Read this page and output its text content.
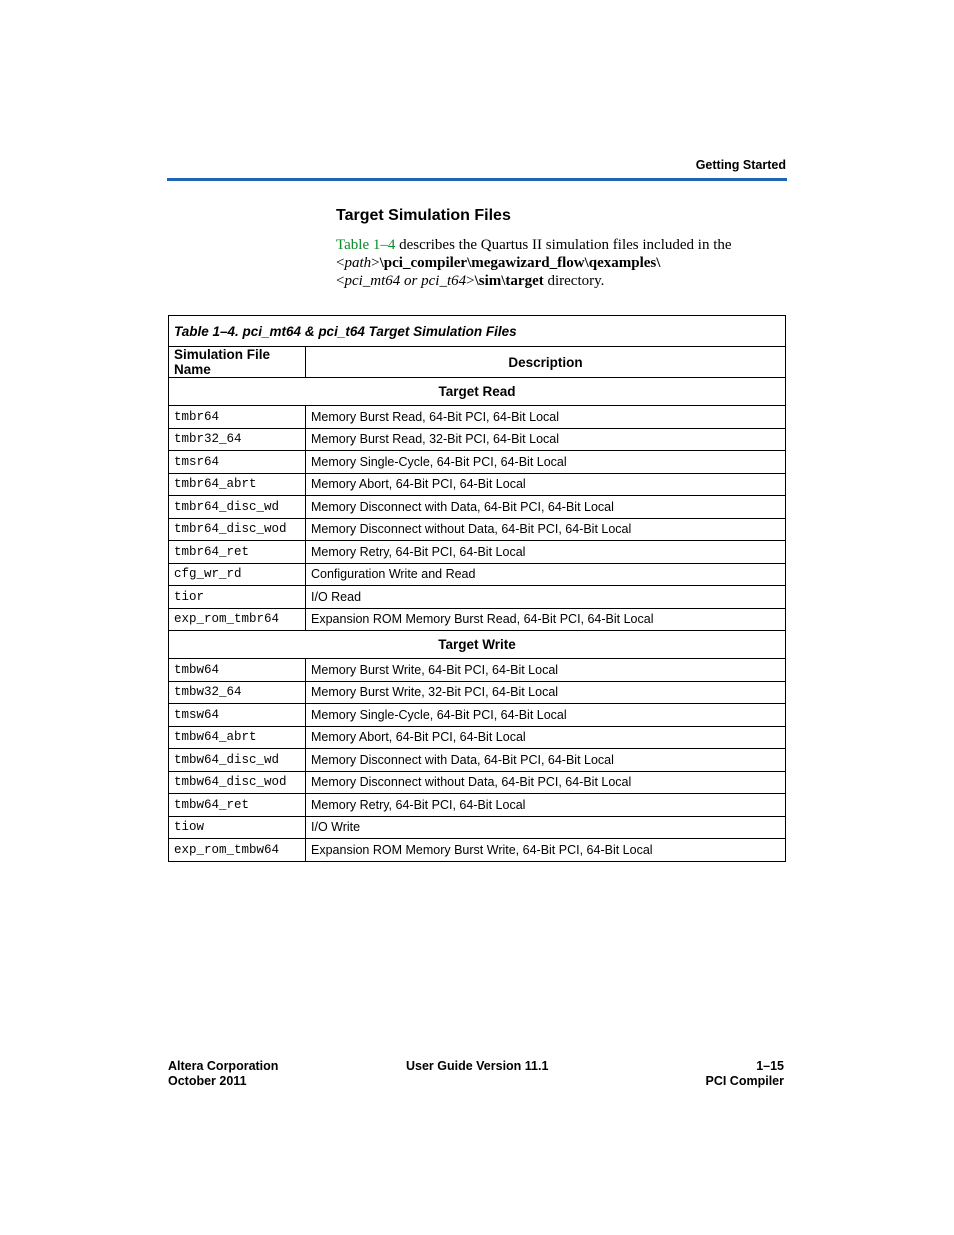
Getting Started
Target Simulation Files
Table 1–4 describes the Quartus II simulation files included in the <path>\pci_compiler\megawizard_flow\qexamples\
<pci_mt64 or pci_t64>\sim\target directory.
Table 1–4. pci_mt64 & pci_t64 Target Simulation Files	
Simulation File Name	Description
Target Read	
tmbr64	Memory Burst Read, 64-Bit PCI, 64-Bit Local
tmbr32_64	Memory Burst Read, 32-Bit PCI, 64-Bit Local
tmsr64	Memory Single-Cycle, 64-Bit PCI, 64-Bit Local
tmbr64_abrt	Memory Abort, 64-Bit PCI, 64-Bit Local
tmbr64_disc_wd	Memory Disconnect with Data, 64-Bit PCI, 64-Bit Local
tmbr64_disc_wod	Memory Disconnect without Data, 64-Bit PCI, 64-Bit Local
tmbr64_ret	Memory Retry, 64-Bit PCI, 64-Bit Local
cfg_wr_rd	Configuration Write and Read
tior	I/O Read
exp_rom_tmbr64	Expansion ROM Memory Burst Read, 64-Bit PCI, 64-Bit Local
Target Write	
tmbw64	Memory Burst Write, 64-Bit PCI, 64-Bit Local
tmbw32_64	Memory Burst Write, 32-Bit PCI, 64-Bit Local
tmsw64	Memory Single-Cycle, 64-Bit PCI, 64-Bit Local
tmbw64_abrt	Memory Abort, 64-Bit PCI, 64-Bit Local
tmbw64_disc_wd	Memory Disconnect with Data, 64-Bit PCI, 64-Bit Local
tmbw64_disc_wod	Memory Disconnect without Data, 64-Bit PCI, 64-Bit Local
tmbw64_ret	Memory Retry, 64-Bit PCI, 64-Bit Local
tiow	I/O Write
exp_rom_tmbw64	Expansion ROM Memory Burst Write, 64-Bit PCI, 64-Bit Local
Altera Corporation
October 2011
User Guide Version 11.1	1–15
PCI Compiler
